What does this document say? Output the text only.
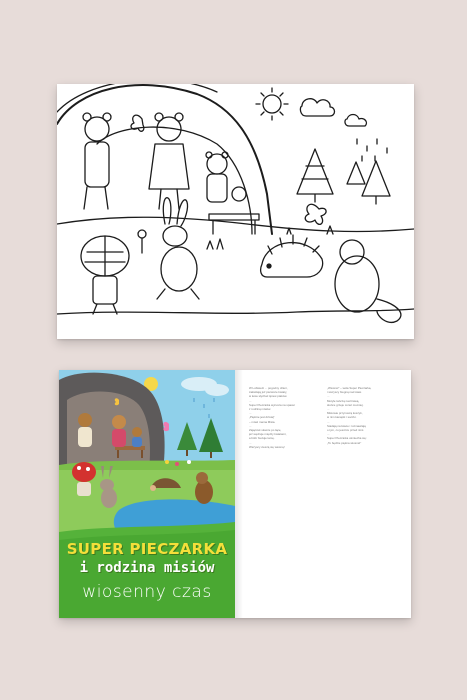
SUPER PIECZARKA
i rodzina misiów
wiosenny czas
W Lubiwerii ... pogodny dzień,
zakwitają już pierwsze kwiaty,
w lesie słychać śpiew ptaków.
...
Super Pieczarka wyrusza na spacer
z rodziną misiów.
...
„Pięknie jest dzisiaj”
– mówi mama Misia.
...
Zajączek skacze po łące,
jeż wędruje między kwiatami,
a bóbr buduje tamę.
...
Wszyscy cieszą się wiosną!
„Wiosna!” – woła Super Pieczarka,
i wszyscy biegną nad staw.
...
Motyle tańczą nad trawą,
słońce grzeje coraz mocniej.
...
Misiowie przynoszą koszyk,
w nim kanapki i soczki.
...
Siadają na ławce i rozmawiają
o tym, co jeszcze przed nimi.
...
Super Pieczarka uśmiecha się:
„To będzie piękna wiosna!”
